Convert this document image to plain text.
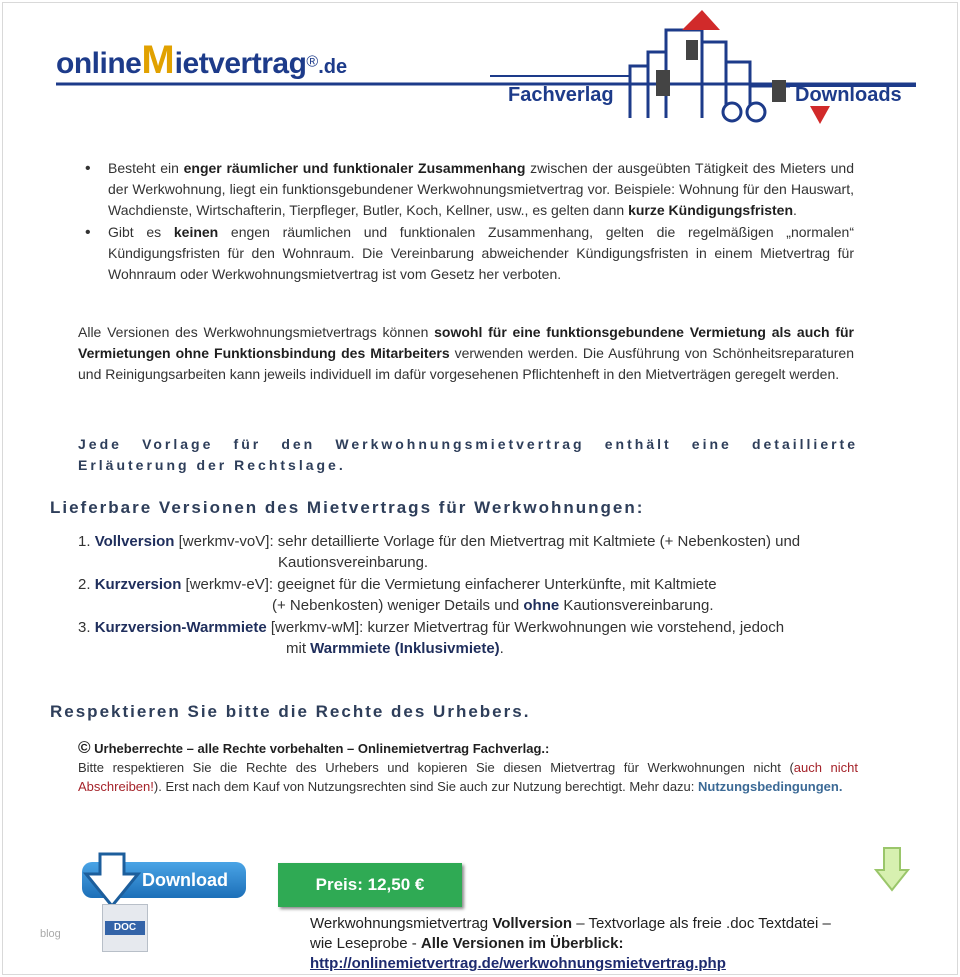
onlineMietvertrag®.de
Fachverlag	Downloads
• Besteht ein enger räumlicher und funktionaler Zusammenhang zwischen der ausgeübten Tätigkeit des Mieters und der Werkwohnung, liegt ein funktionsgebundener Werkwohnungsmietvertrag vor. Beispiele: Wohnung für den Hauswart, Wachdienste, Wirtschafterin, Tierpfleger, Butler, Koch, Kellner, usw., es gelten dann kurze Kündigungsfristen.
• Gibt es keinen engen räumlichen und funktionalen Zusammenhang, gelten die regelmäßigen „normalen“ Kündigungsfristen für den Wohnraum. Die Vereinbarung abweichender Kündigungsfristen in einem Mietvertrag für Wohnraum oder Werkwohnungsmietvertrag ist vom Gesetz her verboten.
Alle Versionen des Werkwohnungsmietvertrags können sowohl für eine funktionsgebundene Vermietung als auch für Vermietungen ohne Funktionsbindung des Mitarbeiters verwenden werden. Die Ausführung von Schönheitsreparaturen und Reinigungsarbeiten kann jeweils individuell im dafür vorgesehenen Pflichtenheft in den Mietverträgen geregelt werden.
Jede Vorlage für den Werkwohnungsmietvertrag enthält eine detaillierte Erläuterung der Rechtslage.
Lieferbare Versionen des Mietvertrags für Werkwohnungen:
1. Vollversion [werkmv-voV]: sehr detaillierte Vorlage für den Mietvertrag mit Kaltmiete (+ Nebenkosten) und
Kautionsvereinbarung.
2. Kurzversion [werkmv-eV]: geeignet für die Vermietung einfacherer Unterkünfte, mit Kaltmiete
(+ Nebenkosten) weniger Details und ohne Kautionsvereinbarung.
3. Kurzversion-Warmmiete [werkmv-wM]: kurzer Mietvertrag für Werkwohnungen wie vorstehend, jedoch
mit Warmmiete (Inklusivmiete).
Respektieren Sie bitte die Rechte des Urhebers.
© Urheberrechte – alle Rechte vorbehalten – Onlinemietvertrag Fachverlag.:
Bitte respektieren Sie die Rechte des Urhebers und kopieren Sie diesen Mietvertrag für Werkwohnungen nicht (auch nicht Abschreiben!). Erst nach dem Kauf von Nutzungsrechten sind Sie auch zur Nutzung berechtigt. Mehr dazu: Nutzungsbedingungen.
blog
Download
DOC
Preis: 12,50 €
Werkwohnungsmietvertrag Vollversion – Textvorlage als freie .doc Textdatei –
wie Leseprobe - Alle Versionen im Überblick:
http://onlinemietvertrag.de/werkwohnungsmietvertrag.php
